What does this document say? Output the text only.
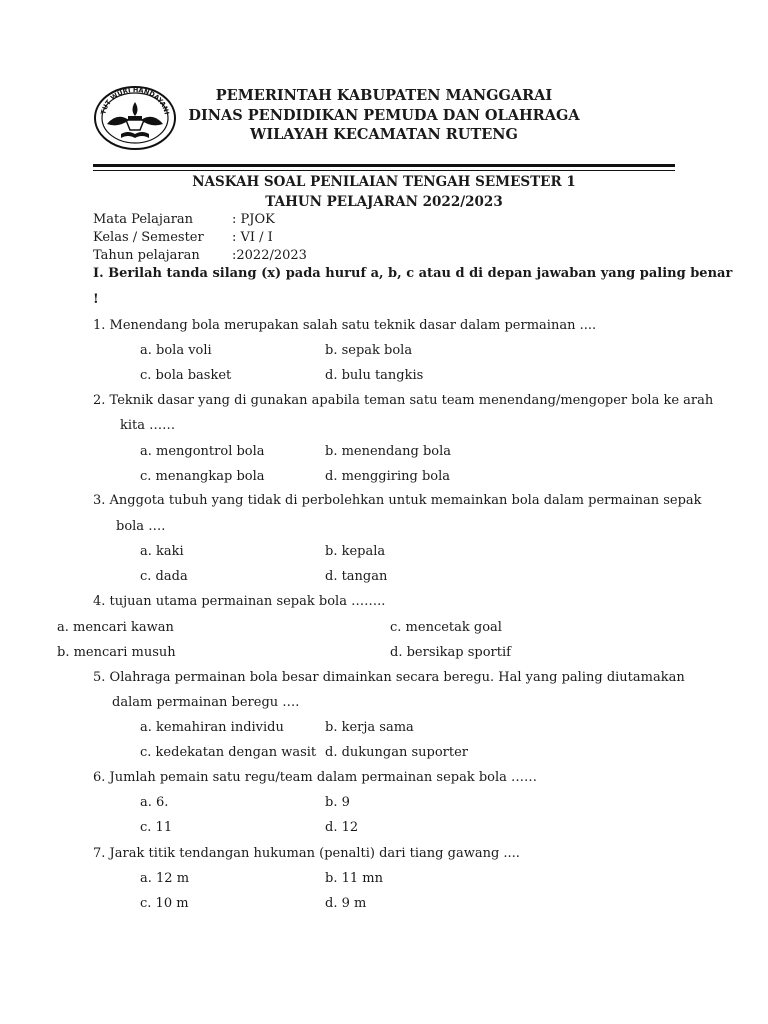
TUT WURI HANDAYANI
PEMERINTAH KABUPATEN MANGGARAI
DINAS PENDIDIKAN PEMUDA DAN OLAHRAGA
WILAYAH KECAMATAN RUTENG
NASKAH SOAL PENILAIAN TENGAH SEMESTER 1
TAHUN PELAJARAN 2022/2023
Mata Pelajaran	: PJOK
Kelas / Semester : VI / I
Tahun pelajaran :2022/2023
I. Berilah tanda silang (x) pada huruf a, b, c atau d di depan jawaban yang paling benar
!
1. Menendang bola merupakan salah satu teknik dasar dalam permainan ....
a. bola voli	b. sepak bola
c. bola basket	d. bulu tangkis
2. Teknik dasar yang di gunakan apabila teman satu team menendang/mengoper bola ke arah
kita ……
a. mengontrol bola	b. menendang bola
c. menangkap bola	d. menggiring bola
3. Anggota tubuh yang tidak di perbolehkan untuk memainkan bola dalam permainan sepak
bola ….
a. kaki	b. kepala
c. dada	d. tangan
4. tujuan utama permainan sepak bola ……..
a. mencari kawan	c. mencetak goal
b. mencari musuh	d. bersikap sportif
5. Olahraga permainan bola besar dimainkan secara beregu. Hal yang paling diutamakan
dalam permainan beregu ….
a. kemahiran individu	b. kerja sama
c. kedekatan dengan wasit d. dukungan suporter
6. Jumlah pemain satu regu/team dalam permainan sepak bola ……
a. 6.	b. 9
c. 11	d. 12
7. Jarak titik tendangan hukuman (penalti) dari tiang gawang ....
a. 12 m	b. 11 mn
c. 10 m	d. 9 m
